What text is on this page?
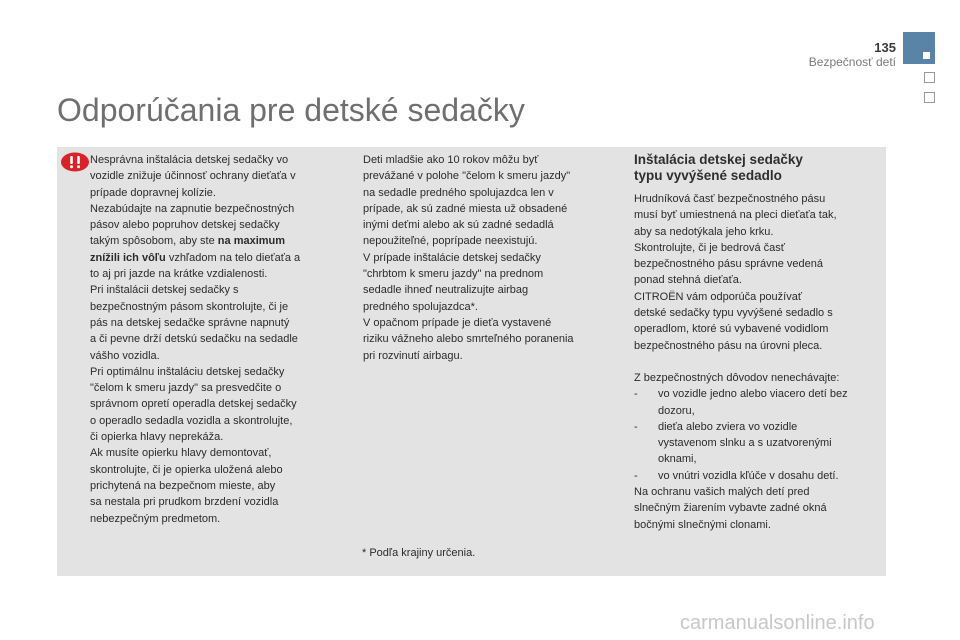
135
Bezpečnosť detí
Odporúčania pre detské sedačky

Nesprávna inštalácia detskej sedačky vo

vozidle znižuje účinnosť ochrany dieťaťa v

prípade dopravnej kolízie.

Nezabúdajte na zapnutie bezpečnostných

pásov alebo popruhov detskej sedačky

takým spôsobom, aby ste na maximum

znížili ich vôľu vzhľadom na telo dieťaťa a

to aj pri jazde na krátke vzdialenosti.

Pri inštalácii detskej sedačky s

bezpečnostným pásom skontrolujte, či je

pás na detskej sedačke správne napnutý

a či pevne drží detskú sedačku na sedadle

vášho vozidla.

Pri optimálnu inštaláciu detskej sedačky

"čelom k smeru jazdy" sa presvedčite o

správnom opretí operadla detskej sedačky

o operadlo sedadla vozidla a skontrolujte,

či opierka hlavy neprekáža.

Ak musíte opierku hlavy demontovať,

skontrolujte, či je opierka uložená alebo

prichytená na bezpečnom mieste, aby

sa nestala pri prudkom brzdení vozidla

nebezpečným predmetom.

Deti mladšie ako 10 rokov môžu byť

prevážané v polohe "čelom k smeru jazdy"

na sedadle predného spolujazdca len v

prípade, ak sú zadné miesta už obsadené

inými deťmi alebo ak sú zadné sedadlá

nepoužiteľné, poprípade neexistujú.

V prípade inštalácie detskej sedačky

"chrbtom k smeru jazdy" na prednom

sedadle ihneď neutralizujte airbag

predného spolujazdca*.

V opačnom prípade je dieťa vystavené

riziku vážneho alebo smrteľného poranenia

pri rozvinutí airbagu.

Inštalácia detskej sedačky
typu vyvýšené sedadlo

Hrudníková časť bezpečnostného pásu

musí byť umiestnená na pleci dieťaťa tak,

aby sa nedotýkala jeho krku.

Skontrolujte, či je bedrová časť

bezpečnostného pásu správne vedená

ponad stehná dieťaťa.

CITROËN vám odporúča používať

detské sedačky typu vyvýšené sedadlo s

operadlom, ktoré sú vybavené vodidlom

bezpečnostného pásu na úrovni pleca.

Z bezpečnostných dôvodov nenechávajte:

-	vo vozidle jedno alebo viacero detí bez
dozoru,
-	dieťa alebo zviera vo vozidle
vystavenom slnku a s uzatvorenými
oknami,
-	vo vnútri vozidla kľúče v dosahu detí.

Na ochranu vašich malých detí pred

slnečným žiarením vybavte zadné okná

bočnými slnečnými clonami.

* Podľa krajiny určenia.
carmanualsonline.info
